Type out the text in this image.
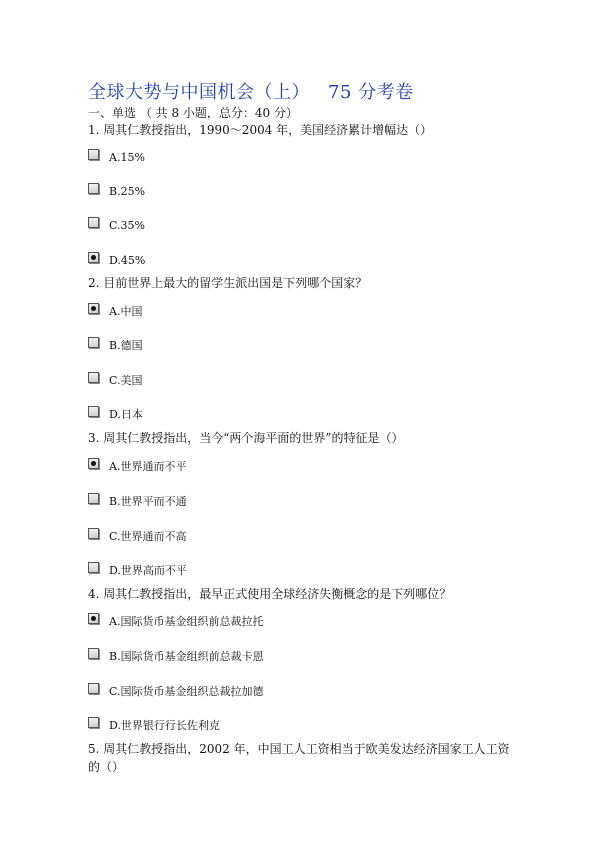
全球大势与中国机会（上） 75 分考卷
一、单选 （ 共 8 小题，总分：40 分）
1. 周其仁教授指出，1990～2004 年，美国经济累计增幅达（）
A.15%
B.25%
C.35%
D.45%
2. 目前世界上最大的留学生派出国是下列哪个国家？
A.中国
B.德国
C.美国
D.日本
3. 周其仁教授指出，当今“两个海平面的世界”的特征是（）
A.世界通而不平
B.世界平而不通
C.世界通而不高
D.世界高而不平
4. 周其仁教授指出，最早正式使用全球经济失衡概念的是下列哪位？
A.国际货币基金组织前总裁拉托
B.国际货币基金组织前总裁卡恩
C.国际货币基金组织总裁拉加德
D.世界银行行长佐利克
5. 周其仁教授指出，2002 年，中国工人工资相当于欧美发达经济国家工人工资
的（）
